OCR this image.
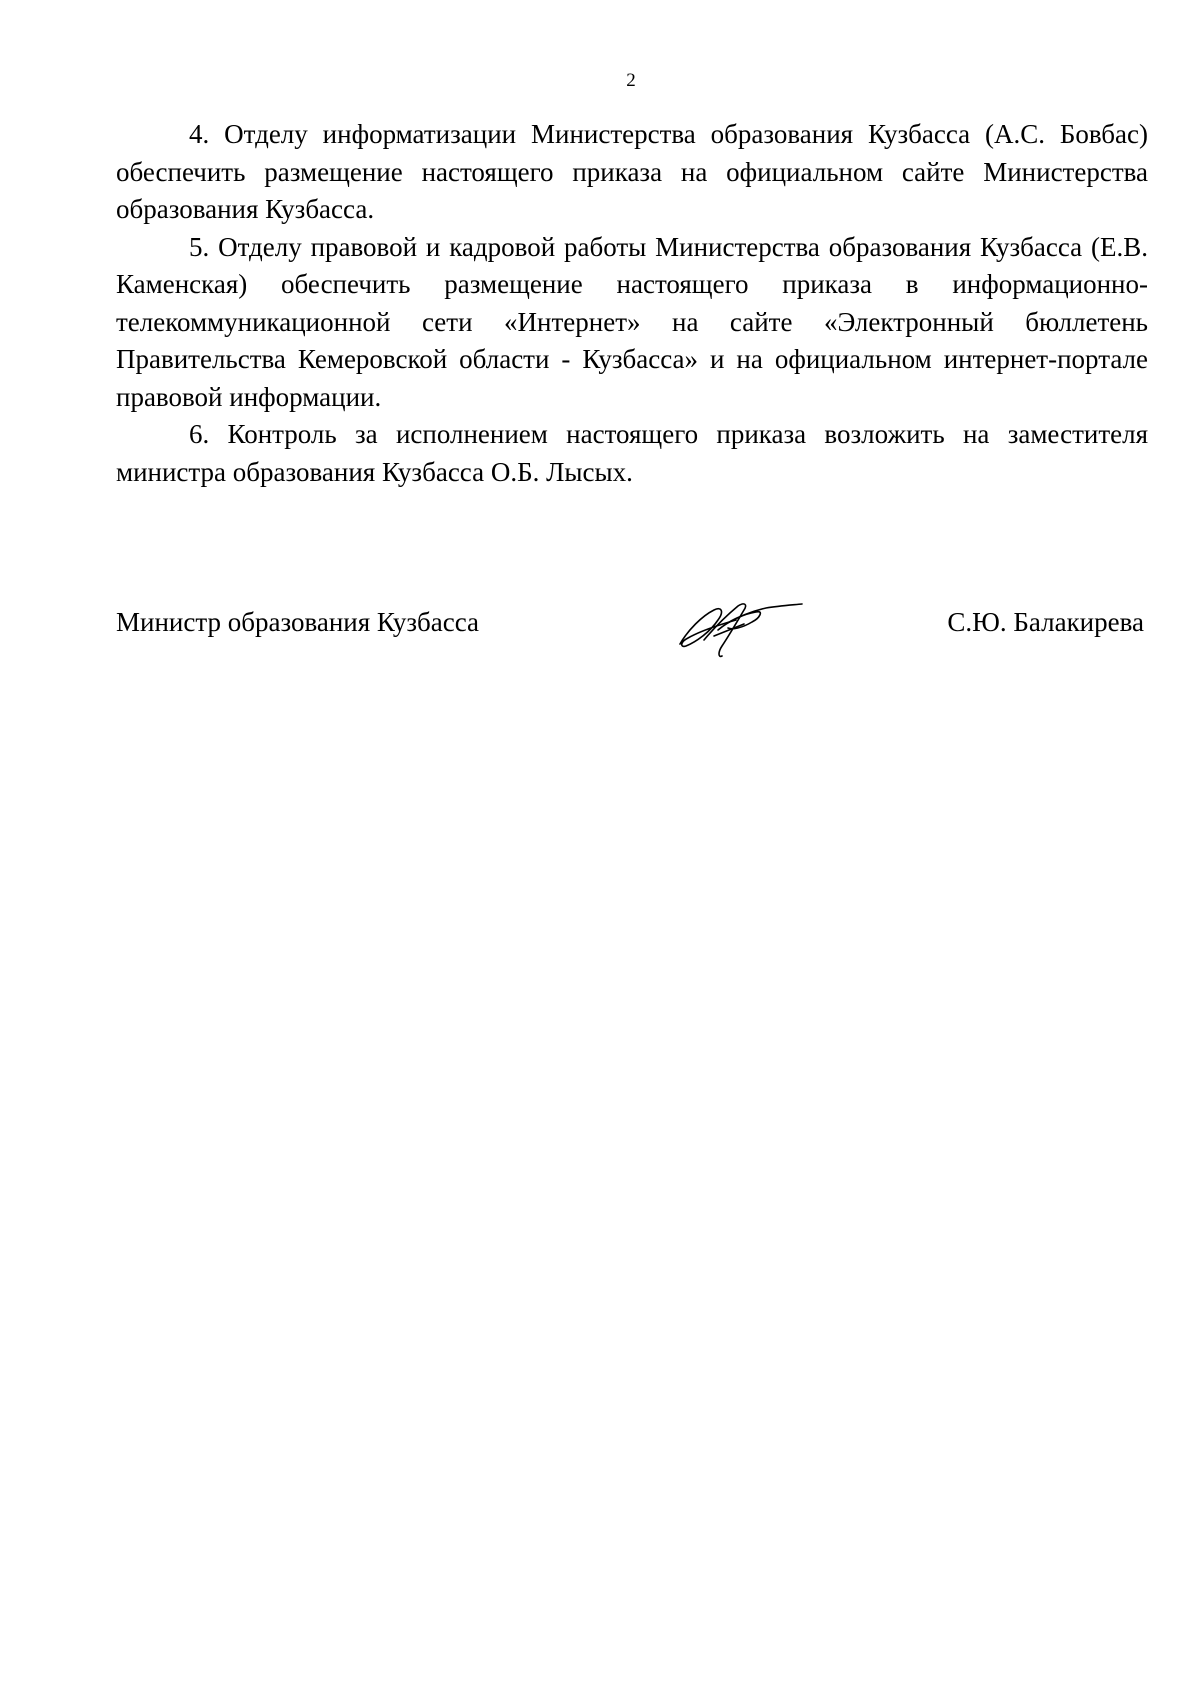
2

4. Отделу информатизации Министерства образования Кузбасса (А.С. Бовбас) обеспечить размещение настоящего приказа на официальном сайте Министерства образования Кузбасса.

5. Отделу правовой и кадровой работы Министерства образования Кузбасса (Е.В. Каменская) обеспечить размещение настоящего приказа в информационно-телекоммуникационной сети «Интернет» на сайте «Электронный бюллетень Правительства Кемеровской области - Кузбасса» и на официальном интернет-портале правовой информации.

6. Контроль за исполнением настоящего приказа возложить на заместителя министра образования Кузбасса О.Б. Лысых.

Министр образования Кузбасса	С.Ю. Балакирева
